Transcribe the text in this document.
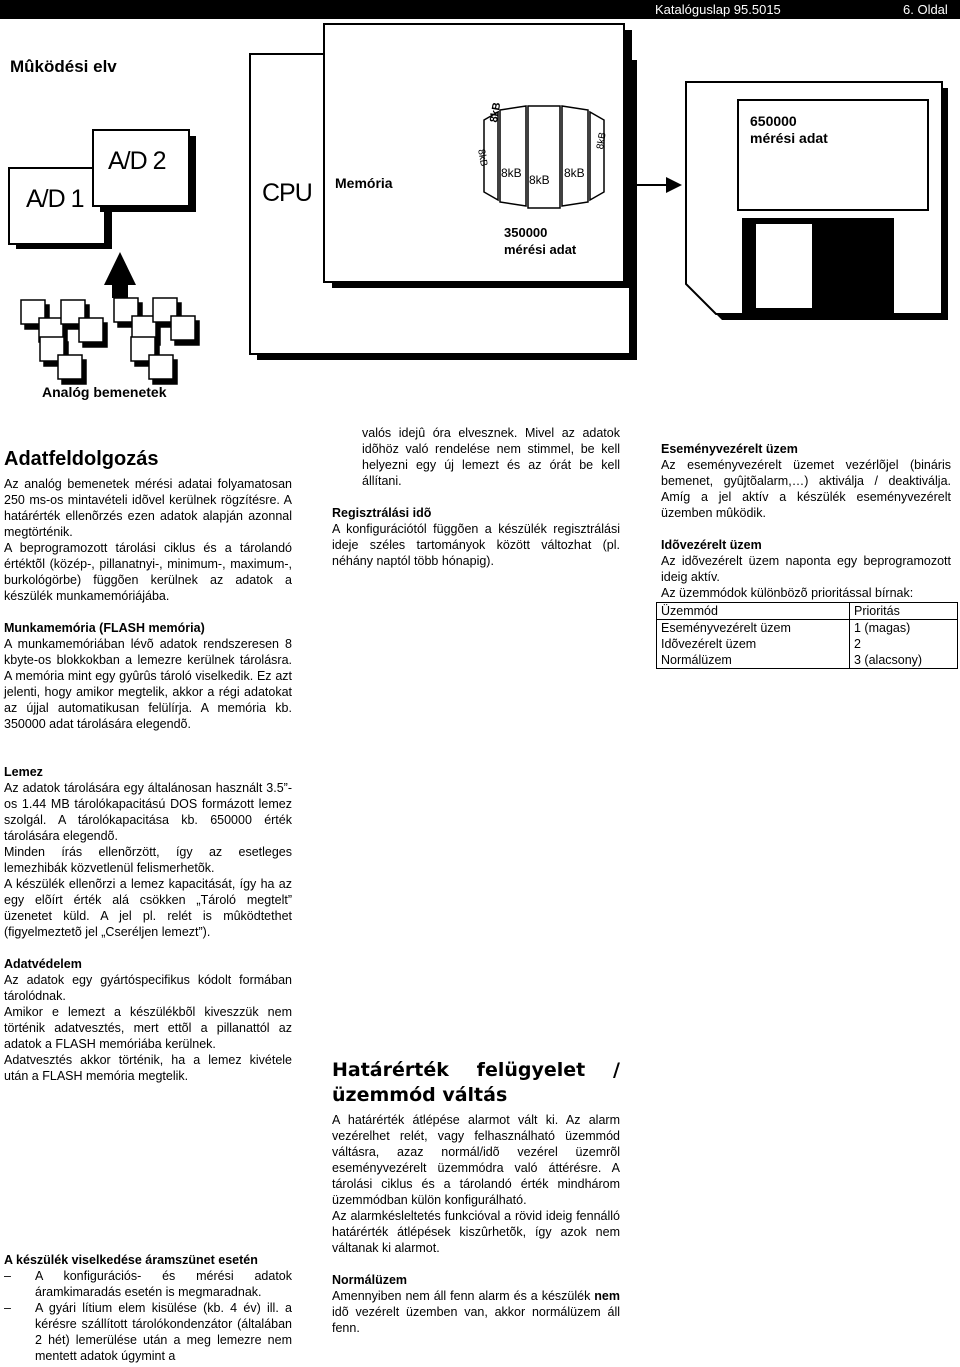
Katalóguslap 95.5015	6. Oldal
Mûködési elv
A/D 1
A/D 2
CPU Memória
8kB 8kB 8kB
8kB
8kB
350000
mérési adat
650000
mérési adat
Analóg bemenetek
Adatfeldolgozás

Az analóg bemenetek mérési adatai folyamatosan 250 ms-os mintavételi idõvel kerülnek rögzítésre. A határérték ellenõrzés ezen adatok alapján azonnal megtörténik.

A beprogramozott tárolási ciklus és a tárolandó értéktõl (közép-, pillanatnyi-, minimum-, maximum-, burkológörbe) függõen kerülnek az adatok a készülék munkamemóriájába.

Munkamemória (FLASH memória)

A munkamemóriában lévõ adatok rendszeresen 8 kbyte-os blokkokban a lemezre kerülnek tárolásra. A memória mint egy gyûrûs tároló viselkedik. Ez azt jelenti, hogy amikor megtelik, akkor a régi adatokat az újjal automatikusan felülírja. A memória kb. 350000 adat tárolására elegendõ.

Lemez

Az adatok tárolására egy általánosan használt 3.5”-os 1.44 MB tárolókapacitású DOS formázott lemez szolgál. A tárolókapacitása kb. 650000 érték tárolására elegendõ.

Minden írás ellenõrzött, így az esetleges lemezhibák közvetlenül felismerhetõk.

A készülék ellenõrzi a lemez kapacitását, így ha az egy elõírt érték alá csökken „Tároló megtelt” üzenetet küld. A jel pl. relét is mûködtethet (figyelmeztetõ jel „Cseréljen lemezt”).

Adatvédelem

Az adatok egy gyártóspecifikus kódolt formában tárolódnak.

Amikor e lemezt a készülékbõl kiveszzük nem történik adatvesztés, mert ettõl a pillanattól az adatok a FLASH memóriába kerülnek.

Adatvesztés akkor történik, ha a lemez kivétele után a FLASH memória megtelik.

A készülék viselkedése áramszünet esetén
– A konfigurációs- és mérési adatok áramkimaradás esetén is megmaradnak.
– A gyári lítium elem kisülése (kb. 4 év) ill. a kérésre szállított tárolókondenzátor (általában 2 hét) lemerülése után a meg lemezre nem mentett adatok úgymint a

valós idejû óra elvesznek. Mivel az adatok idõhöz való rendelése nem stimmel, be kell helyezni egy új lemezt és az órát be kell állítani.

Regisztrálási idõ

A konfigurációtól függõen a készülék regisztrálási ideje széles tartományok között változhat (pl. néhány naptól több hónapig).

Határérték felügyelet / üzemmód váltás

A határérték átlépése alarmot vált ki. Az alarm vezérelhet relét, vagy felhasználható üzemmód váltásra, azaz normál/idõ vezérel üzemrõl eseményvezérelt üzemmódra való áttérésre. A tárolási ciklus és a tárolandó érték mindhárom üzemmódban külön konfigurálható.

Az alarmkésleltetés funkcióval a rövid ideig fennálló határérték átlépések kiszûrhetõk, így azok nem váltanak ki alarmot.

Normálüzem

Amennyiben nem áll fenn alarm és a készülék nem idõ vezérelt üzemben van, akkor normálüzem áll fenn.

Eseményvezérelt üzem

Az eseményvezérelt üzemet vezérlõjel (bináris bemenet, gyûjtõalarm,…) aktiválja / deaktiválja. Amíg a jel aktív a készülék eseményvezérelt üzemben mûködik.

Idõvezérelt üzem

Az idõvezérelt üzem naponta egy beprogramozott ideig aktív.

Az üzemmódok különbözõ prioritással bírnak:

Üzemmód	Prioritás
Eseményvezérelt üzem	1 (magas)
Idõvezérelt üzem	2
Normálüzem	3 (alacsony)
